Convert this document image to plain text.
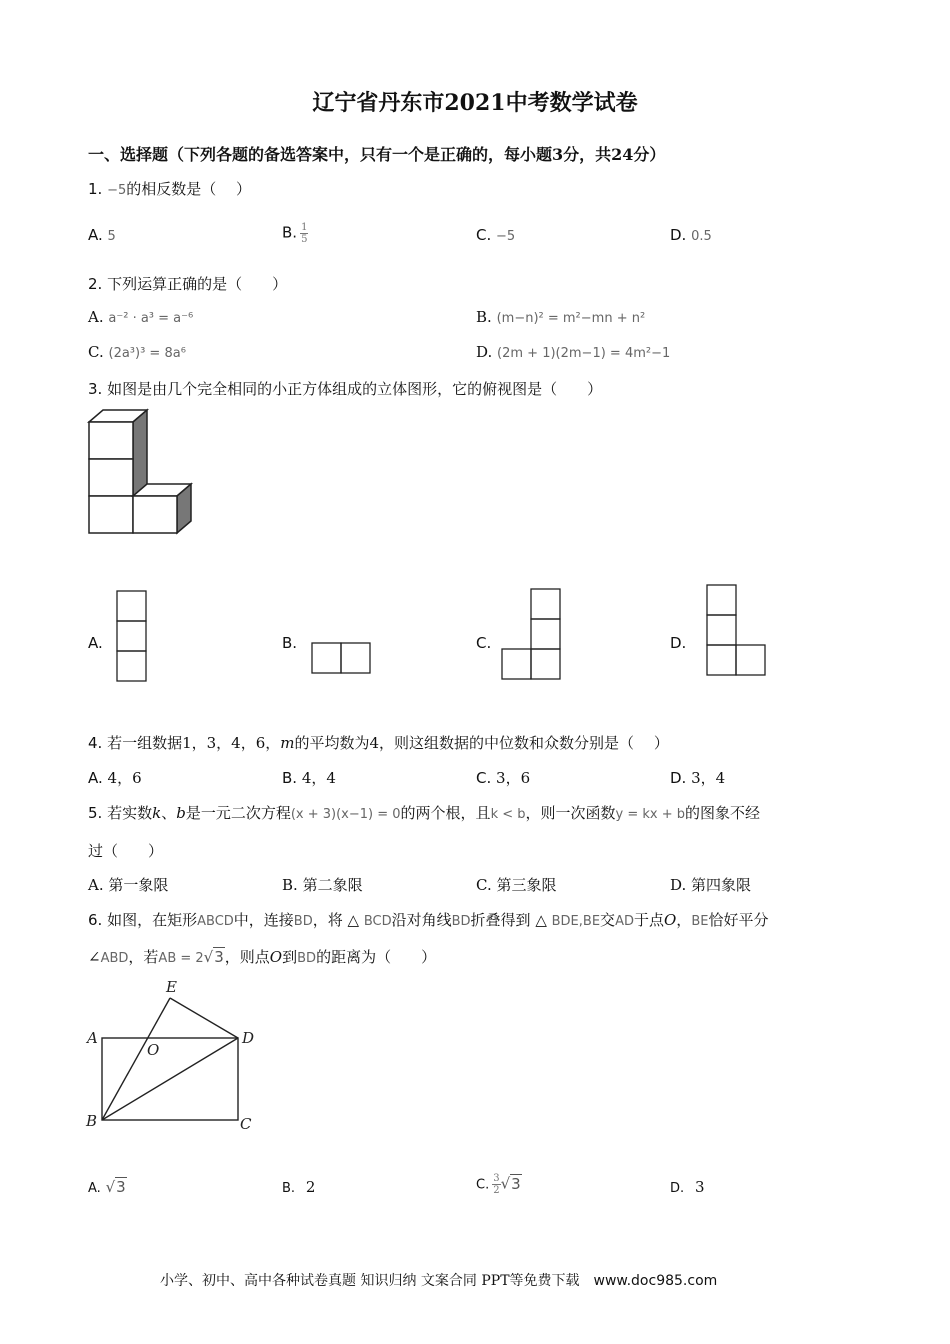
辽宁省丹东市2021中考数学试卷
一、选择题（下列各题的备选答案中，只有一个是正确的，每小题3分，共24分）
1. −5的相反数是（　 ）
A. 5	B. $\frac{1}{5}$	C. −5	D. 0.5
2. 下列运算正确的是（　　）
A. a⁻² · a³ = a⁻⁶	B. (m−n)² = m²−mn + n²
C. (2a³)³ = 8a⁶	D. (2m + 1)(2m−1) = 4m²−1
3. 如图是由几个完全相同的小正方体组成的立体图形，它的俯视图是（　　）
A.	B.	C.	D.
4. 若一组数据1，3，4，6，m的平均数为4，则这组数据的中位数和众数分别是（　 ）
A. 4，6	B. 4，4	C. 3，6	D. 3，4
5. 若实数k、b是一元二次方程(x + 3)(x−1) = 0的两个根，且k < b，则一次函数y = kx + b的图象不经
过（　　）
A. 第一象限	B. 第二象限	C. 第三象限	D. 第四象限
6. 如图，在矩形ABCD中，连接BD，将 △ BCD沿对角线BD折叠得到 △ BDE,BE交AD于点O，BE恰好平分
∠ABD，若AB = 2√3，则点O到BD的距离为（　　）
A
B	C
D
E
O
A. √3	B. 2	C. $\frac{3}{2} √3$	D. 3
小学、初中、高中各种试卷真题 知识归纳 文案合同 PPT等免费下载 www.doc985.com
